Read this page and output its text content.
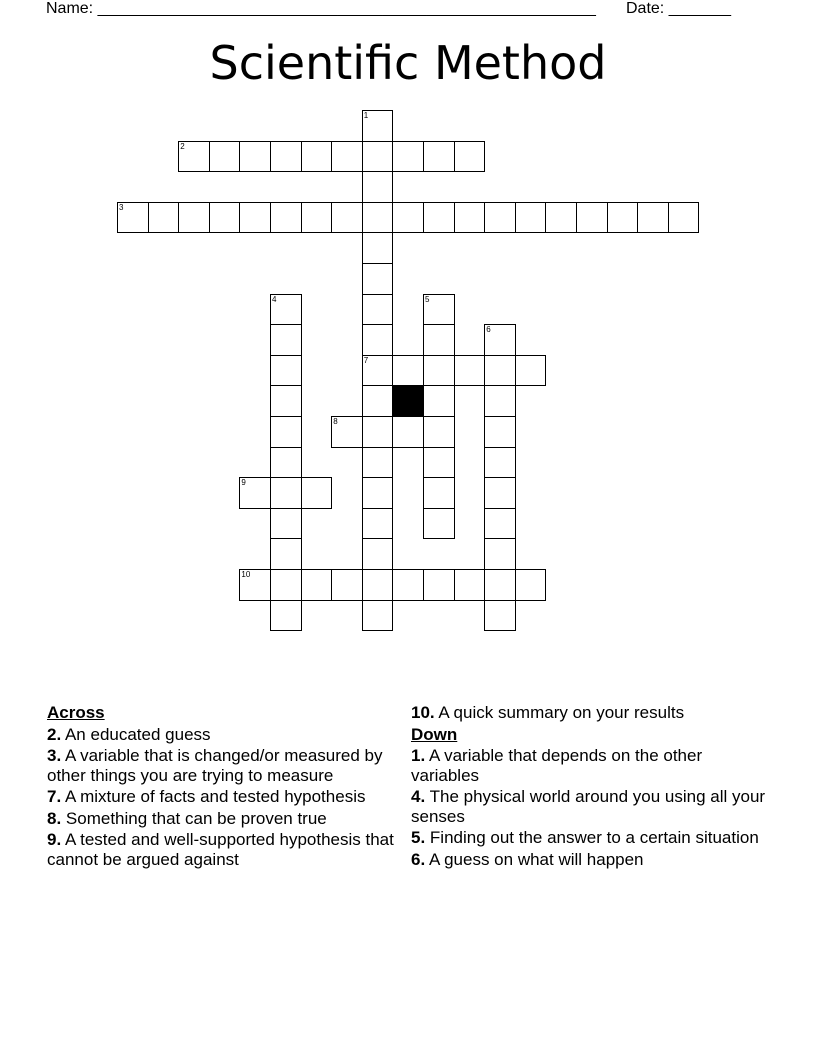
Name: ________________________________________________________ Date: _______
Scientific Method
1
7
2
3
4	5
6
8
9
10
Across
2. An educated guess
3. A variable that is changed/or measured by other things you are trying to measure
7. A mixture of facts and tested hypothesis
8. Something that can be proven true
9. A tested and well-supported hypothesis that cannot be argued against
10. A quick summary on your results
Down
1. A variable that depends on the other variables
4. The physical world around you using all your senses
5. Finding out the answer to a certain situation
6. A guess on what will happen
